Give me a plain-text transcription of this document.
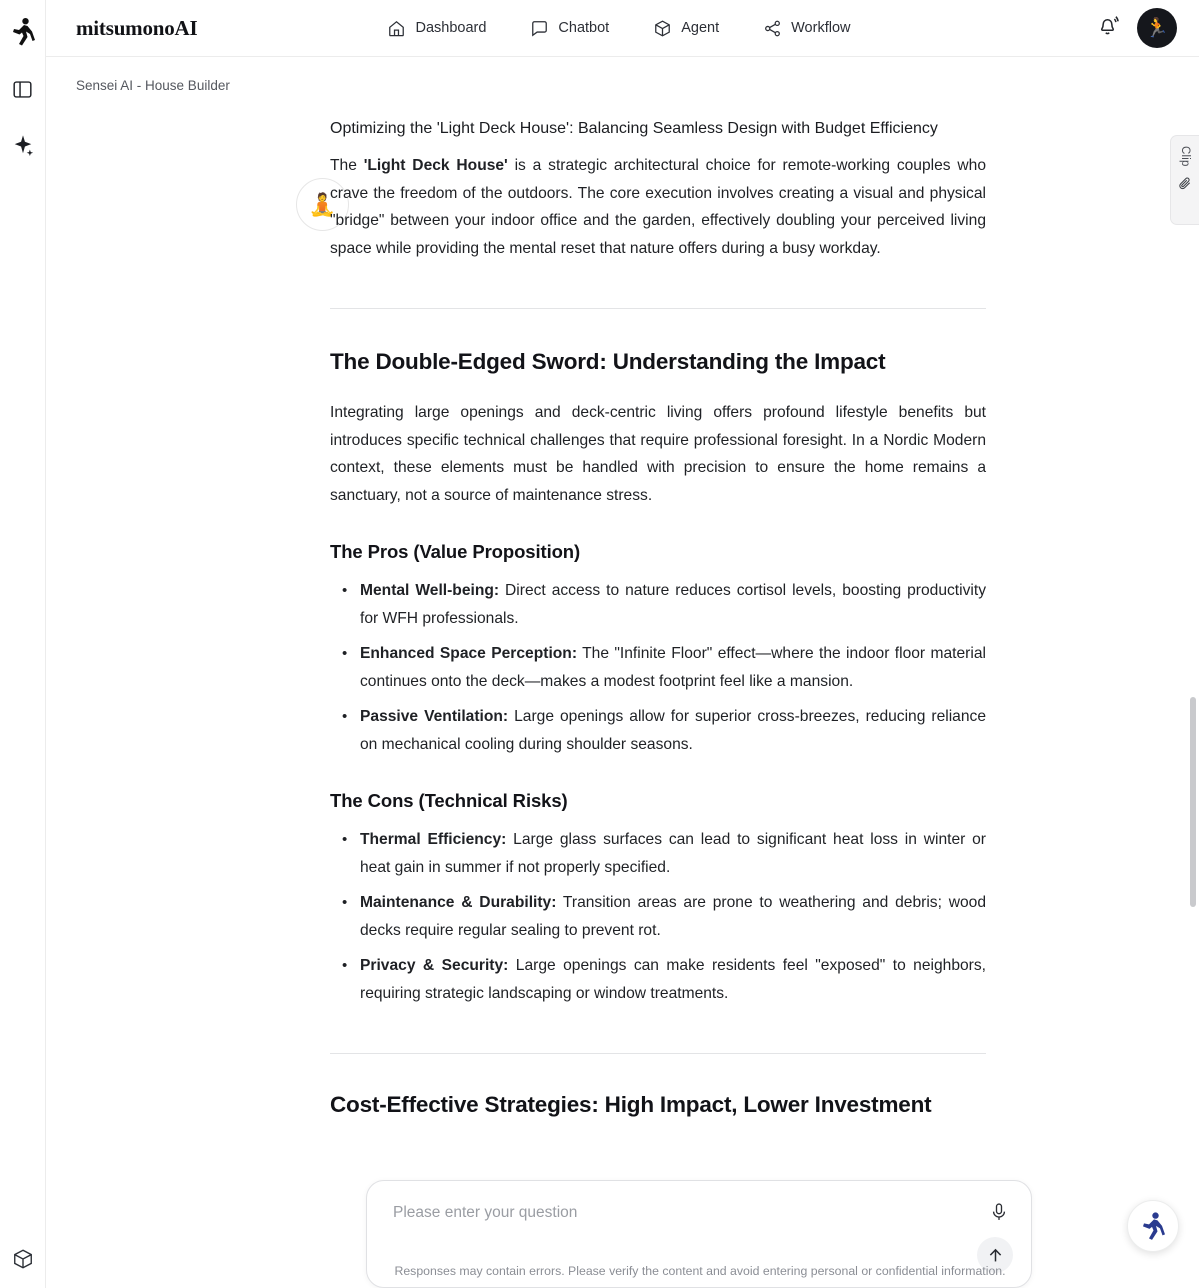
mitsumonoAI	Dashboard	Chatbot	Agent	Workflow	🏃
Sensei AI - House Builder
🧘

Optimizing the 'Light Deck House': Balancing Seamless Design with Budget Efficiency

The 'Light Deck House' is a strategic architectural choice for remote-working couples who crave the freedom of the outdoors. The core execution involves creating a visual and physical "bridge" between your indoor office and the garden, effectively doubling your perceived living space while providing the mental reset that nature offers during a busy workday.

The Double-Edged Sword: Understanding the Impact

Integrating large openings and deck-centric living offers profound lifestyle benefits but introduces specific technical challenges that require professional foresight. In a Nordic Modern context, these elements must be handled with precision to ensure the home remains a sanctuary, not a source of maintenance stress.

The Pros (Value Proposition)
• Mental Well-being: Direct access to nature reduces cortisol levels, boosting productivity for WFH professionals.
• Enhanced Space Perception: The "Infinite Floor" effect—where the indoor floor material continues onto the deck—makes a modest footprint feel like a mansion.
• Passive Ventilation: Large openings allow for superior cross-breezes, reducing reliance on mechanical cooling during shoulder seasons.
The Cons (Technical Risks)
• Thermal Efficiency: Large glass surfaces can lead to significant heat loss in winter or heat gain in summer if not properly specified.
• Maintenance & Durability: Transition areas are prone to weathering and debris; wood decks require regular sealing to prevent rot.
• Privacy & Security: Large openings can make residents feel "exposed" to neighbors, requiring strategic landscaping or window treatments.
Cost-Effective Strategies: High Impact, Lower Investment
Clip
Please enter your question
Responses may contain errors. Please verify the content and avoid entering personal or confidential information.
